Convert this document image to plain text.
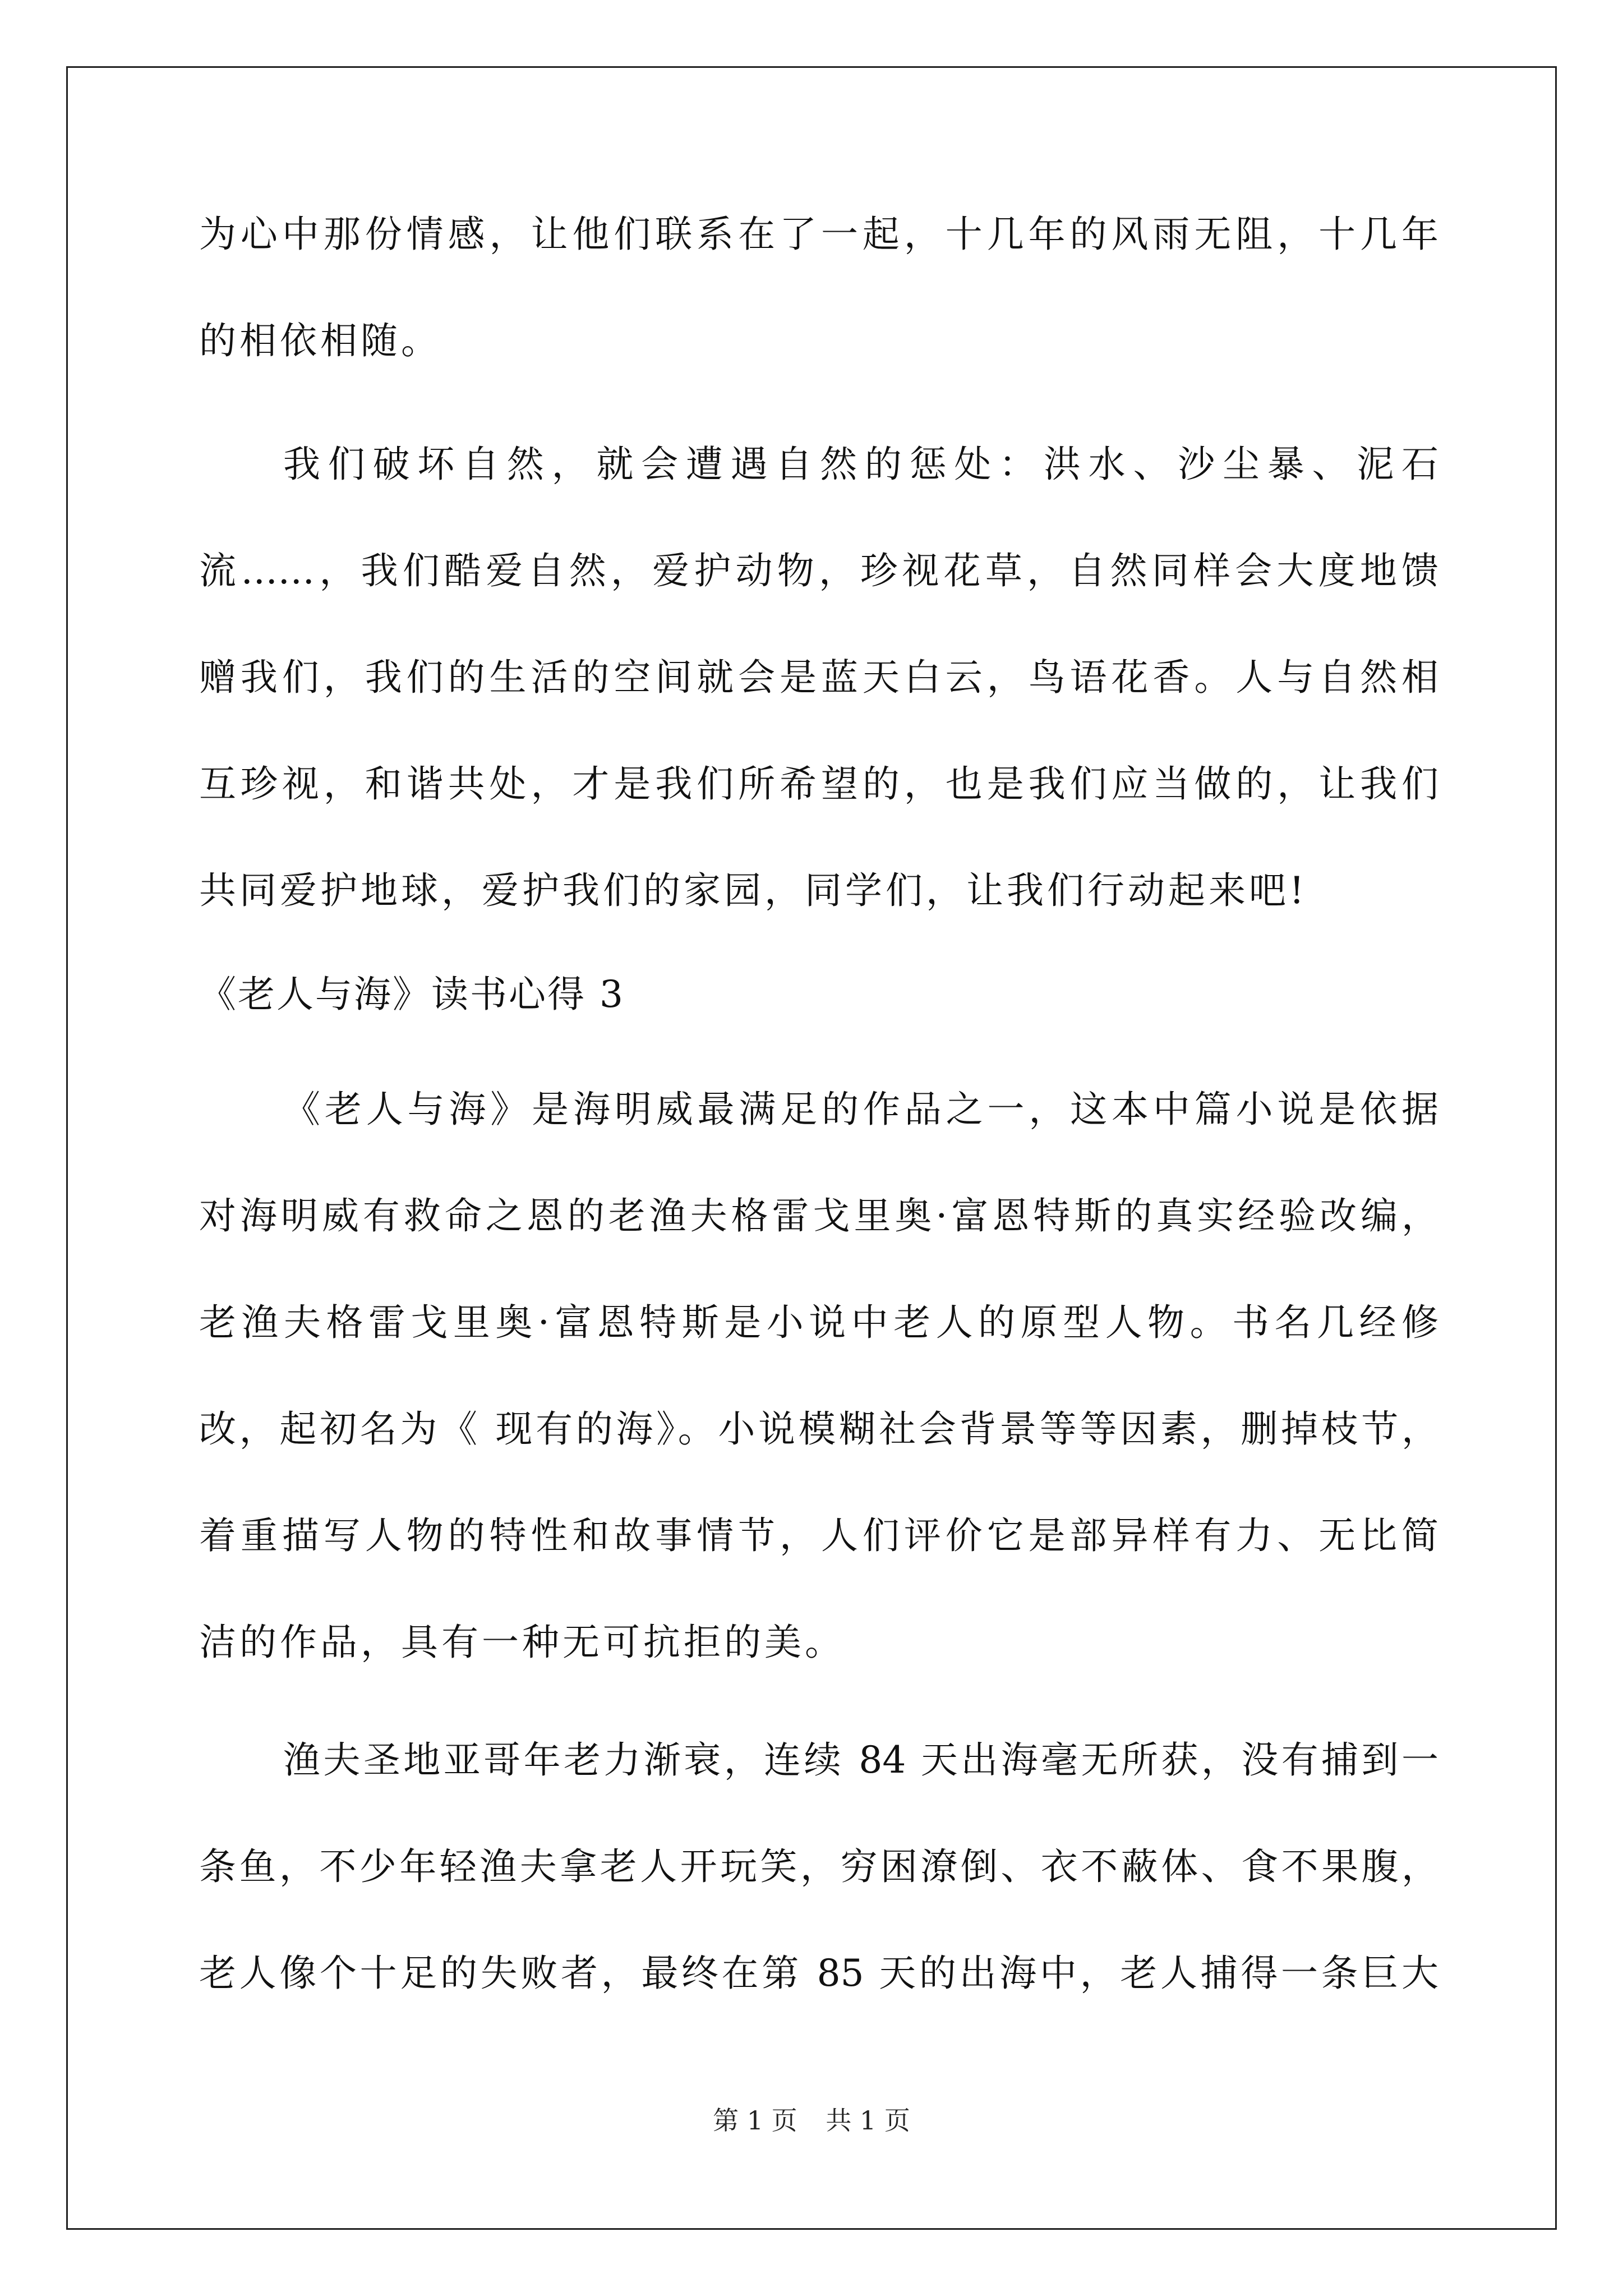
为心中那份情感，让他们联系在了一起，十几年的风雨无阻，十几年
的相依相随。
我们破坏自然，就会遭遇自然的惩处：洪水、沙尘暴、泥石
流……，我们酷爱自然，爱护动物，珍视花草，自然同样会大度地馈
赠我们，我们的生活的空间就会是蓝天白云，鸟语花香。人与自然相
互珍视，和谐共处，才是我们所希望的，也是我们应当做的，让我们
共同爱护地球，爱护我们的家园，同学们，让我们行动起来吧!
《老人与海》读书心得 3
《老人与海》是海明威最满足的作品之一，这本中篇小说是依据
对海明威有救命之恩的老渔夫格雷戈里奥·富恩特斯的真实经验改编，
老渔夫格雷戈里奥·富恩特斯是小说中老人的原型人物。书名几经修
改，起初名为《 现有的海》。小说模糊社会背景等等因素，删掉枝节，
着重描写人物的特性和故事情节，人们评价它是部异样有力、无比简
洁的作品，具有一种无可抗拒的美。
渔夫圣地亚哥年老力渐衰，连续 84 天出海毫无所获，没有捕到一
条鱼，不少年轻渔夫拿老人开玩笑，穷困潦倒、衣不蔽体、食不果腹，
老人像个十足的失败者，最终在第 85 天的出海中，老人捕得一条巨大
第 1 页 共 1 页
